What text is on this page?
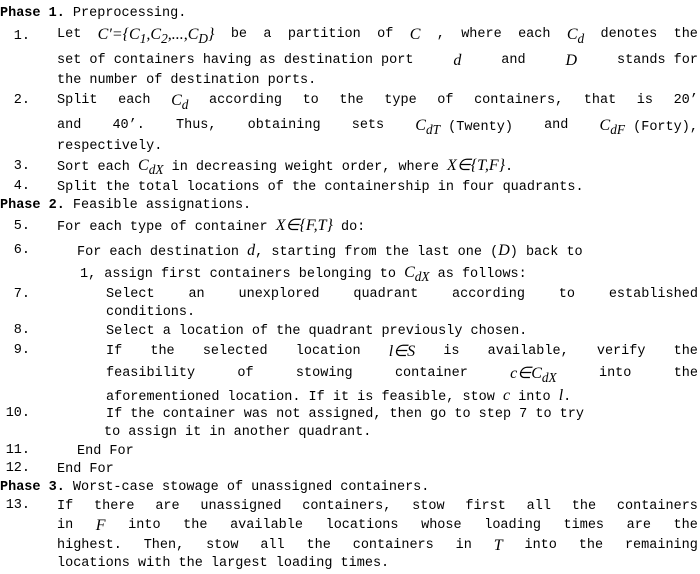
Phase 1. Preprocessing.
1. Let $C'=\{C_1,C_2,...,C_D\}$ be a partition of C , where each $C_d$ denotes the
set of containers having as destination port d	and D	stands for
the number of destination ports.
2. Split each $C_d$ according to the type of containers, that is 20’
and 40’. Thus, obtaining sets $C_{dT}$ (Twenty) and $C_{dF}$ (Forty),
respectively.
3. Sort each $C_{dX}$ in decreasing weight order, where X∈{T,F}.
4. Split the total locations of the containership in four quadrants.
Phase 2. Feasible assignations.
5. For each type of container X∈{F,T} do:
6.	For each destination d, starting from the last one (D) back to
1, assign first containers belonging to $C_{dX}$ as follows:
7.	Select	an	unexplored	quadrant	according	to	established
conditions.
8.	Select a location of the quadrant previously chosen.
9.	If the selected location l∈S is available, verify the
feasibility	of	stowing	container	$c\in C_{dX}$	into	the
aforementioned location. If it is feasible, stow c into l.
10.	If the container was not assigned, then go to step 7 to try
to assign it in another quadrant.
11.	End For
12. End For
Phase 3. Worst-case stowage of unassigned containers.
13. If there are unassigned containers, stow first all the containers
in F into the available locations whose loading times are the
highest. Then, stow all the containers in T into the remaining
locations with the largest loading times.
